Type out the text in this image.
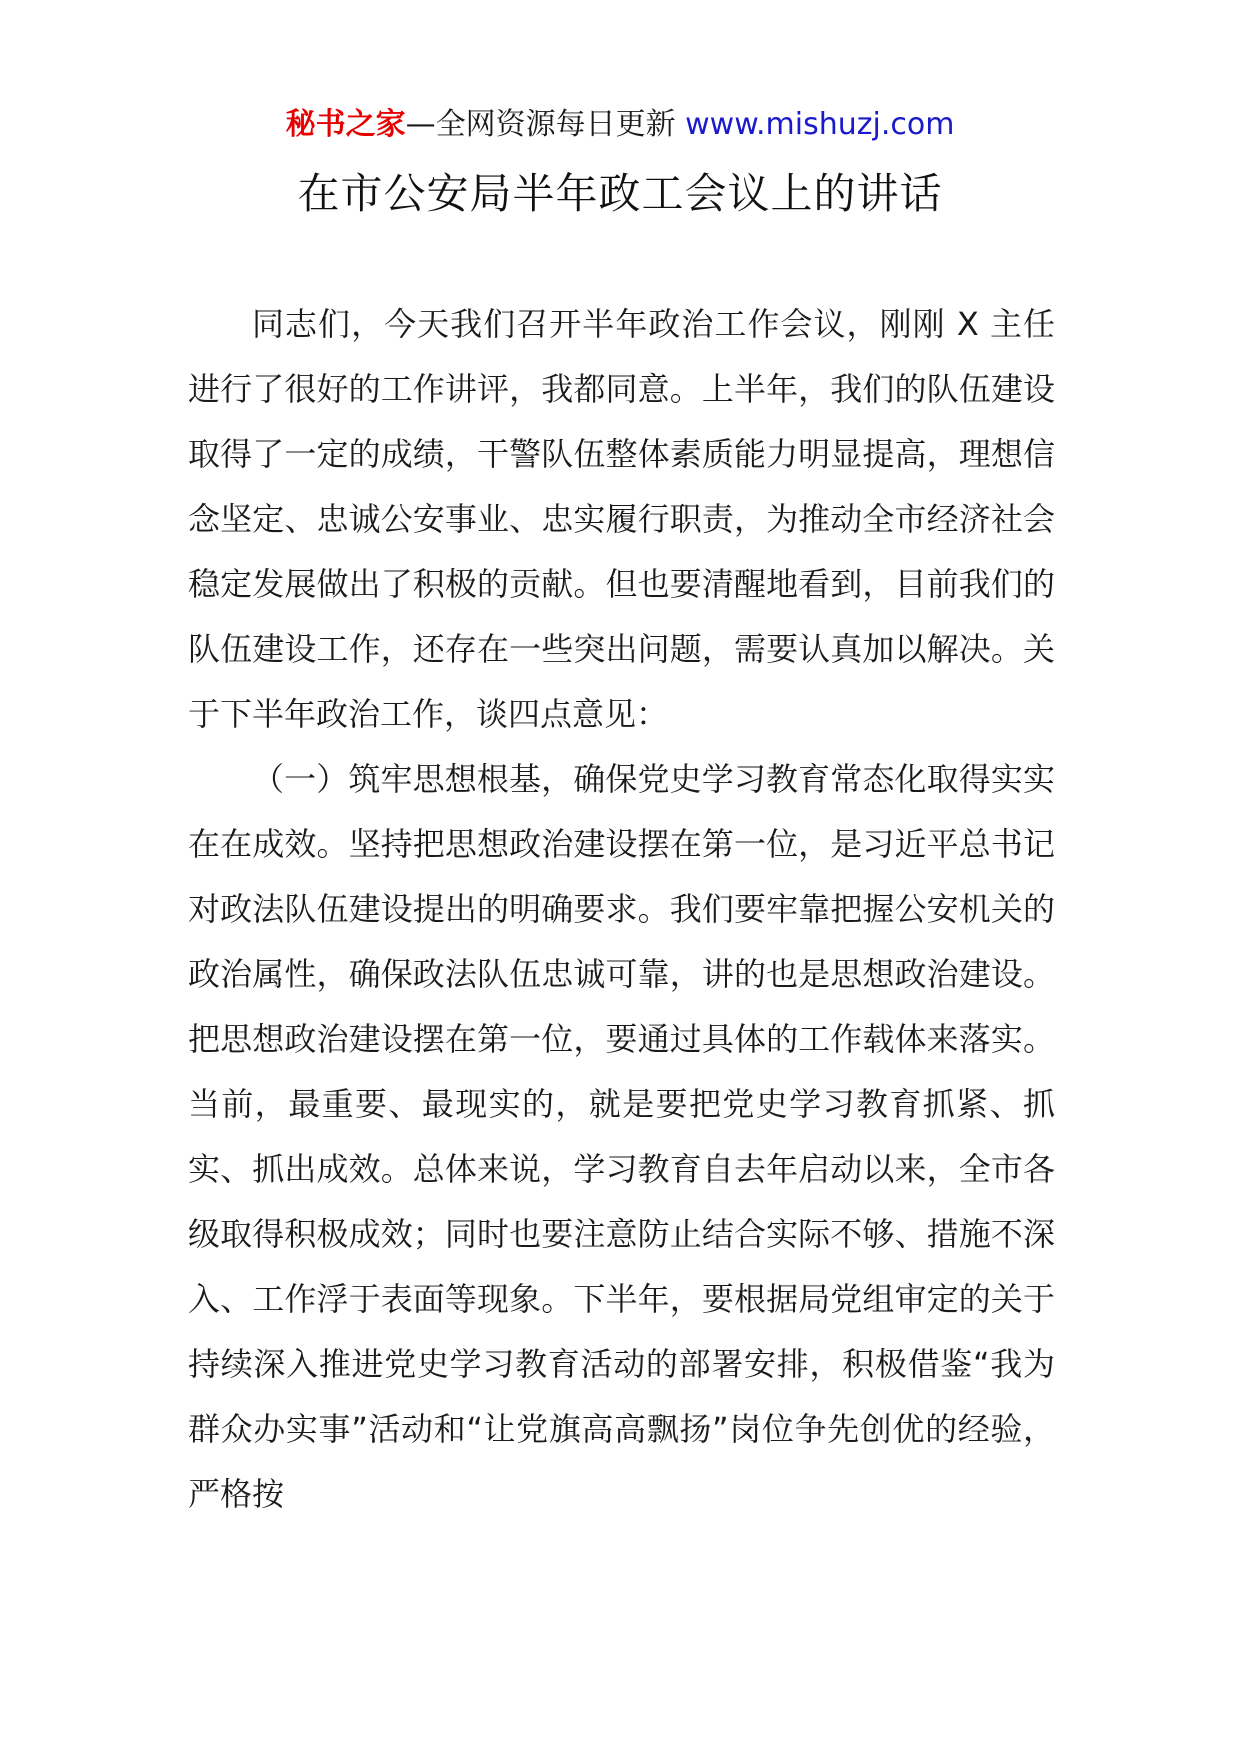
秘书之家—全网资源每日更新 www.mishuzj.com
在市公安局半年政工会议上的讲话

同志们，今天我们召开半年政治工作会议，刚刚 X 主任进行了很好的工作讲评，我都同意。上半年，我们的队伍建设取得了一定的成绩，干警队伍整体素质能力明显提高，理想信念坚定、忠诚公安事业、忠实履行职责，为推动全市经济社会稳定发展做出了积极的贡献。但也要清醒地看到，目前我们的队伍建设工作，还存在一些突出问题，需要认真加以解决。关于下半年政治工作，谈四点意见：

（一）筑牢思想根基，确保党史学习教育常态化取得实实在在成效。坚持把思想政治建设摆在第一位，是习近平总书记对政法队伍建设提出的明确要求。我们要牢靠把握公安机关的政治属性，确保政法队伍忠诚可靠，讲的也是思想政治建设。把思想政治建设摆在第一位，要通过具体的工作载体来落实。当前，最重要、最现实的，就是要把党史学习教育抓紧、抓实、抓出成效。总体来说，学习教育自去年启动以来，全市各级取得积极成效；同时也要注意防止结合实际不够、措施不深入、工作浮于表面等现象。下半年，要根据局党组审定的关于持续深入推进党史学习教育活动的部署安排，积极借鉴“我为群众办实事”活动和“让党旗高高飘扬”岗位争先创优的经验，严格按
